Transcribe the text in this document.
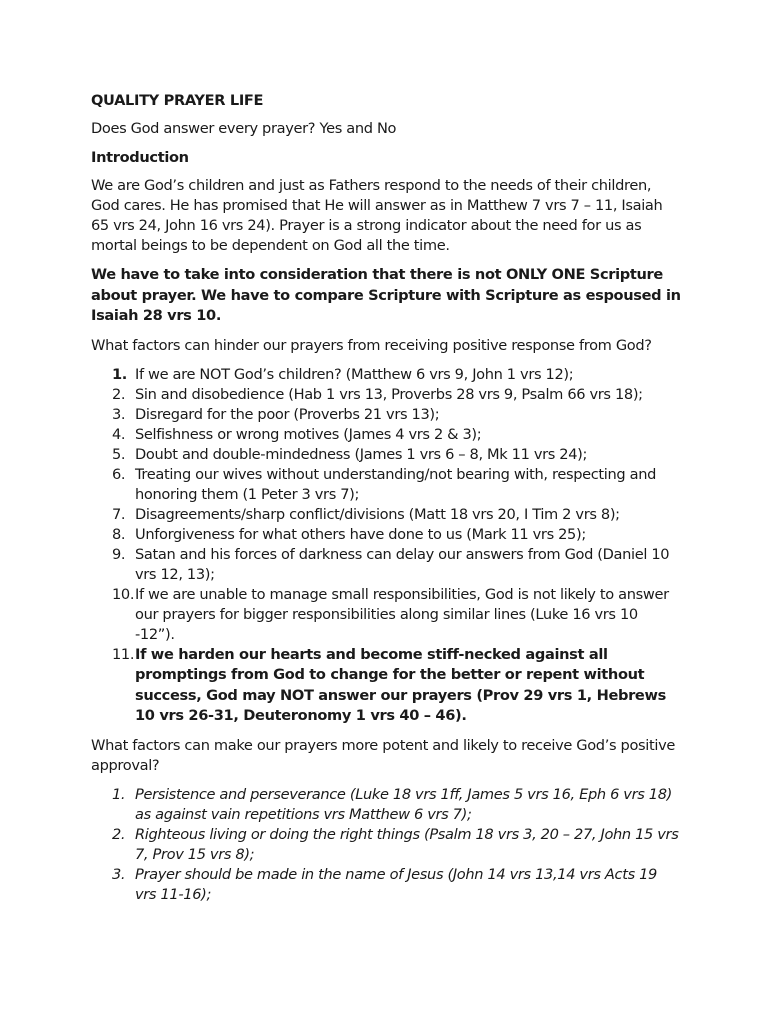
QUALITY PRAYER LIFE
Does God answer every prayer? Yes and No
Introduction
We are God’s children and just as Fathers respond to the needs of their children, God cares. He has promised that He will answer as in Matthew 7 vrs 7 – 11, Isaiah 65 vrs 24, John 16 vrs 24). Prayer is a strong indicator about the need for us as mortal beings to be dependent on God all the time.
We have to take into consideration that there is not ONLY ONE Scripture about prayer. We have to compare Scripture with Scripture as espoused in Isaiah 28 vrs 10.
What factors can hinder our prayers from receiving positive response from God?
1. If we are NOT God’s children? (Matthew 6 vrs 9, John 1 vrs 12);
2. Sin and disobedience (Hab 1 vrs 13, Proverbs 28 vrs 9, Psalm 66 vrs 18);
3. Disregard for the poor (Proverbs 21 vrs 13);
4. Selfishness or wrong motives (James 4 vrs 2 & 3);
5. Doubt and double-mindedness (James 1 vrs 6 – 8, Mk 11 vrs 24);
6. Treating our wives without understanding/not bearing with, respecting and honoring them (1 Peter 3 vrs 7);
7. Disagreements/sharp conflict/divisions (Matt 18 vrs 20, I Tim 2 vrs 8);
8. Unforgiveness for what others have done to us (Mark 11 vrs 25);
9. Satan and his forces of darkness can delay our answers from God (Daniel 10 vrs 12, 13);
10. If we are unable to manage small responsibilities, God is not likely to answer our prayers for bigger responsibilities along similar lines (Luke 16 vrs 10 -12”).
11. If we harden our hearts and become stiff-necked against all promptings from God to change for the better or repent without success, God may NOT answer our prayers (Prov 29 vrs 1, Hebrews 10 vrs 26-31, Deuteronomy 1 vrs 40 – 46).
What factors can make our prayers more potent and likely to receive God’s positive approval?
1. Persistence and perseverance (Luke 18 vrs 1ff, James 5 vrs 16, Eph 6 vrs 18) as against vain repetitions vrs Matthew 6 vrs 7);
2. Righteous living or doing the right things (Psalm 18 vrs 3, 20 – 27, John 15 vrs 7, Prov 15 vrs 8);
3. Prayer should be made in the name of Jesus (John 14 vrs 13,14 vrs Acts 19 vrs 11-16);
